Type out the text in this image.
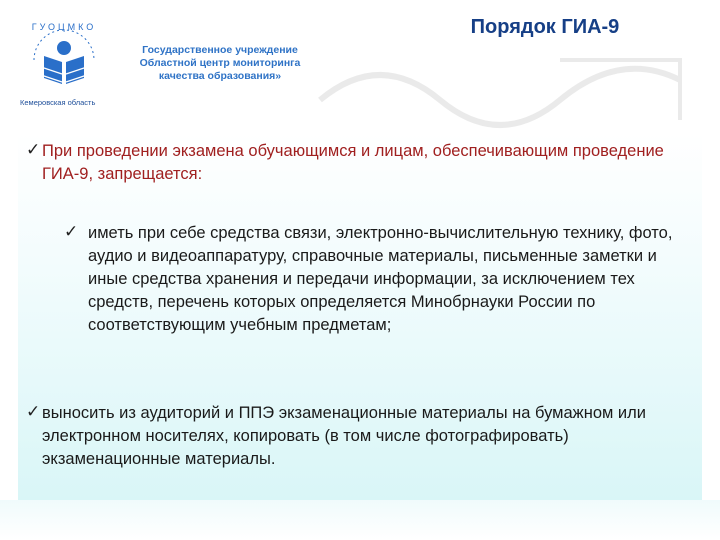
ГУОЦМКО
Кемеровская область
Государственное учреждение
Областной центр мониторинга
качества образования»
Порядок ГИА-9
✓ При проведении экзамена обучающимся и лицам, обеспечивающим проведение ГИА-9, запрещается:
✓ иметь при себе средства связи, электронно-вычислительную технику, фото, аудио и видеоаппаратуру, справочные материалы, письменные заметки и иные средства хранения и передачи информации, за исключением тех средств, перечень которых определяется Минобрнауки России по соответствующим учебным предметам;
✓ выносить из аудиторий и ППЭ экзаменационные материалы на бумажном или электронном носителях, копировать (в том числе фотографировать) экзаменационные материалы.
